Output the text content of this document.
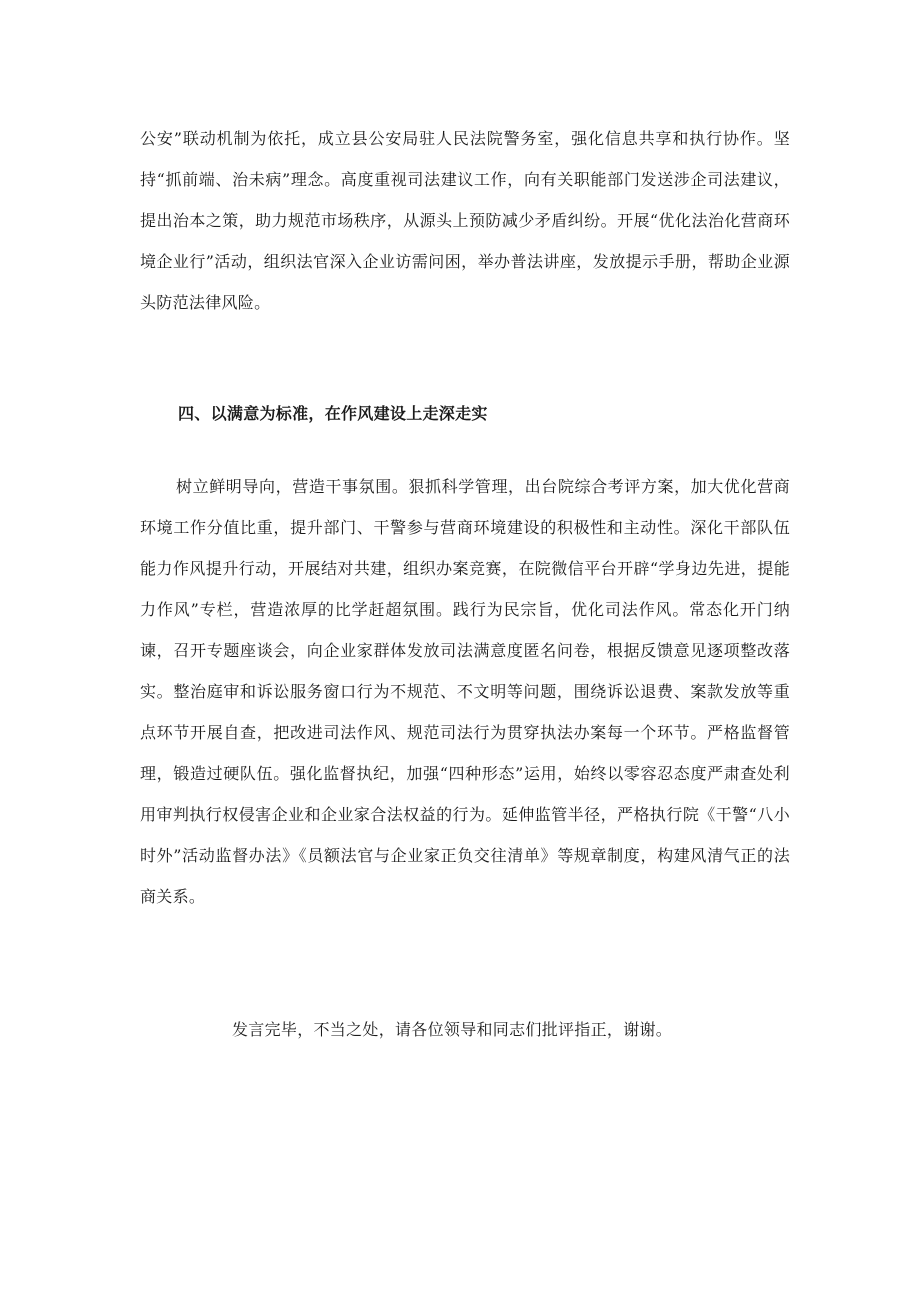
公安”联动机制为依托，成立县公安局驻人民法院警务室，强化信息共享和执行协作。坚持“抓前端、治未病”理念。高度重视司法建议工作，向有关职能部门发送涉企司法建议，提出治本之策，助力规范市场秩序，从源头上预防减少矛盾纠纷。开展“优化法治化营商环境企业行”活动，组织法官深入企业访需问困，举办普法讲座，发放提示手册，帮助企业源头防范法律风险。
四、以满意为标准，在作风建设上走深走实
树立鲜明导向，营造干事氛围。狠抓科学管理，出台院综合考评方案，加大优化营商环境工作分值比重，提升部门、干警参与营商环境建设的积极性和主动性。深化干部队伍能力作风提升行动，开展结对共建，组织办案竞赛，在院微信平台开辟“学身边先进，提能力作风”专栏，营造浓厚的比学赶超氛围。践行为民宗旨，优化司法作风。常态化开门纳谏，召开专题座谈会，向企业家群体发放司法满意度匿名问卷，根据反馈意见逐项整改落实。整治庭审和诉讼服务窗口行为不规范、不文明等问题，围绕诉讼退费、案款发放等重点环节开展自查，把改进司法作风、规范司法行为贯穿执法办案每一个环节。严格监督管理，锻造过硬队伍。强化监督执纪，加强“四种形态”运用，始终以零容忍态度严肃查处利用审判执行权侵害企业和企业家合法权益的行为。延伸监管半径，严格执行院《干警“八小时外”活动监督办法》《员额法官与企业家正负交往清单》等规章制度，构建风清气正的法商关系。
发言完毕，不当之处，请各位领导和同志们批评指正，谢谢。
